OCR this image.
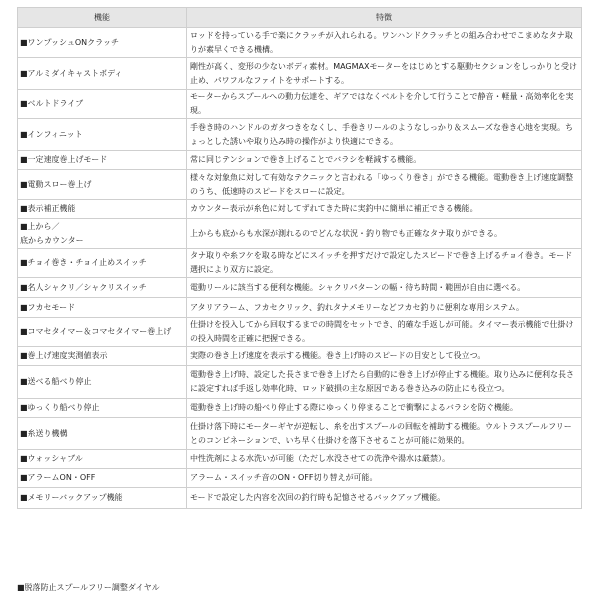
機能	特徴
■ワンプッシュONクラッチ	ロッドを持っている手で楽にクラッチが入れられる。ワンハンドクラッチとの組み合わせでこまめなタナ取りが素早くできる機構。
■アルミダイキャストボディ	剛性が高く、変形の少ないボディ素材。MAGMAXモーターをはじめとする駆動セクションをしっかりと受け止め、パワフルなファイトをサポートする。
■ベルトドライブ	モーターからスプールへの動力伝達を、ギアではなくベルトを介して行うことで静音・軽量・高効率化を実現。
■インフィニット	手巻き時のハンドルのガタつきをなくし、手巻きリールのようなしっかり＆スムーズな巻き心地を実現。ちょっとした誘いや取り込み時の操作がより快適にできる。
■一定速度巻上げモード	常に同じテンションで巻き上げることでバラシを軽減する機能。
■電動スロー巻上げ	様々な対象魚に対して有効なテクニックと言われる「ゆっくり巻き」ができる機能。電動巻き上げ速度調整のうち、低速時のスピードをスローに設定。
■表示補正機能	カウンター表示が糸色に対してずれてきた時に実釣中に簡単に補正できる機能。
■上から／
底からカウンター	上からも底からも水深が測れるのでどんな状況・釣り物でも正確なタナ取りができる。
■チョイ巻き・チョイ止めスイッチ	タナ取りや糸フケを取る時などにスイッチを押すだけで設定したスピードで巻き上げるチョイ巻き。モード選択により双方に設定。
■名人シャクリ／シャクリスイッチ	電動リールに該当する便利な機能。シャクリパターンの幅・待ち時間・範囲が自由に選べる。
■フカセモード	アタリアラーム、フカセクリック、釣れタナメモリーなどフカセ釣りに便利な専用システム。
■コマセタイマー＆コマセタイマー巻上げ	仕掛けを投入してから回収するまでの時間をセットでき、的確な手返しが可能。タイマー表示機能で仕掛けの投入時間を正確に把握できる。
■巻上げ速度実測値表示	実際の巻き上げ速度を表示する機能。巻き上げ時のスピードの目安として役立つ。
■送べる船べり停止	電動巻き上げ時、設定した長さまで巻き上げたら自動的に巻き上げが停止する機能。取り込みに便利な長さに設定すれば手返し効率化時、ロッド破損の主な原因である巻き込みの防止にも役立つ。
■ゆっくり船べり停止	電動巻き上げ時の船べり停止する際にゆっくり停まることで衝撃によるバラシを防ぐ機能。
■糸送り機構	仕掛け落下時にモーターギヤが逆転し、糸を出すスプールの回転を補助する機能。ウルトラスプールフリーとのコンビネーションで、いち早く仕掛けを落下させることが可能に効果的。
■ウォッシャブル	中性洗剤による水洗いが可能（ただし水没させての洗浄や湯水は厳禁）。
■アラームON・OFF	アラーム・スイッチ音のON・OFF切り替えが可能。
■メモリーバックアップ機能	モードで設定した内容を次回の釣行時も記憶させるバックアップ機能。
■脱落防止スプールフリー調整ダイヤル
